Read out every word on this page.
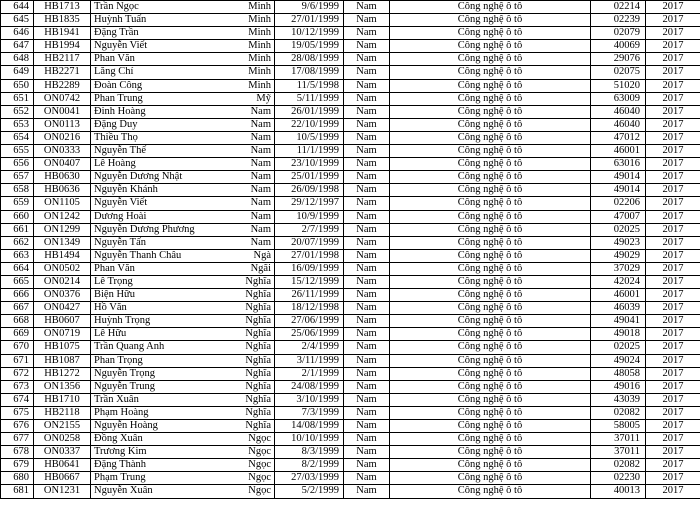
644	HB1713	Trần Ngọc	Minh	9/6/1999	Nam	Công nghệ ô tô	02214	2017
645	HB1835	Huỳnh Tuấn	Minh	27/01/1999	Nam	Công nghệ ô tô	02239	2017
646	HB1941	Đặng Trần	Minh	10/12/1999	Nam	Công nghệ ô tô	02079	2017
647	HB1994	Nguyễn Viết	Minh	19/05/1999	Nam	Công nghệ ô tô	40069	2017
648	HB2117	Phan Văn	Minh	28/08/1999	Nam	Công nghệ ô tô	29076	2017
649	HB2271	Lăng Chí	Minh	17/08/1999	Nam	Công nghệ ô tô	02075	2017
650	HB2289	Đoàn Công	Minh	11/5/1998	Nam	Công nghệ ô tô	51020	2017
651	ON0742	Phan Trung	Mỹ	5/11/1999	Nam	Công nghệ ô tô	63009	2017
652	ON0041	Đinh Hoàng	Nam	26/01/1999	Nam	Công nghệ ô tô	46040	2017
653	ON0113	Đặng Duy	Nam	22/10/1999	Nam	Công nghệ ô tô	46040	2017
654	ON0216	Thiều Thọ	Nam	10/5/1999	Nam	Công nghệ ô tô	47012	2017
655	ON0333	Nguyễn Thế	Nam	11/1/1999	Nam	Công nghệ ô tô	46001	2017
656	ON0407	Lê Hoàng	Nam	23/10/1999	Nam	Công nghệ ô tô	63016	2017
657	HB0630	Nguyễn Dương Nhật	Nam	25/01/1999	Nam	Công nghệ ô tô	49014	2017
658	HB0636	Nguyễn Khánh	Nam	26/09/1998	Nam	Công nghệ ô tô	49014	2017
659	ON1105	Nguyễn Viết	Nam	29/12/1997	Nam	Công nghệ ô tô	02206	2017
660	ON1242	Dương Hoài	Nam	10/9/1999	Nam	Công nghệ ô tô	47007	2017
661	ON1299	Nguyễn Dương Phương	Nam	2/7/1999	Nam	Công nghệ ô tô	02025	2017
662	ON1349	Nguyễn Tấn	Nam	20/07/1999	Nam	Công nghệ ô tô	49023	2017
663	HB1494	Nguyễn Thanh Châu	Ngà	27/01/1998	Nam	Công nghệ ô tô	49029	2017
664	ON0502	Phan Văn	Ngãi	16/09/1999	Nam	Công nghệ ô tô	37029	2017
665	ON0214	Lê Trọng	Nghĩa	15/12/1999	Nam	Công nghệ ô tô	42024	2017
666	ON0376	Biện Hữu	Nghĩa	26/11/1999	Nam	Công nghệ ô tô	46001	2017
667	ON0427	Hồ Văn	Nghĩa	18/12/1998	Nam	Công nghệ ô tô	46039	2017
668	HB0607	Huỳnh Trọng	Nghĩa	27/06/1999	Nam	Công nghệ ô tô	49041	2017
669	ON0719	Lê Hữu	Nghĩa	25/06/1999	Nam	Công nghệ ô tô	49018	2017
670	HB1075	Trần Quang Anh	Nghĩa	2/4/1999	Nam	Công nghệ ô tô	02025	2017
671	HB1087	Phan Trọng	Nghĩa	3/11/1999	Nam	Công nghệ ô tô	49024	2017
672	HB1272	Nguyễn Trọng	Nghĩa	2/1/1999	Nam	Công nghệ ô tô	48058	2017
673	ON1356	Nguyễn Trung	Nghĩa	24/08/1999	Nam	Công nghệ ô tô	49016	2017
674	HB1710	Trần Xuân	Nghĩa	3/10/1999	Nam	Công nghệ ô tô	43039	2017
675	HB2118	Phạm Hoàng	Nghĩa	7/3/1999	Nam	Công nghệ ô tô	02082	2017
676	ON2155	Nguyễn Hoàng	Nghĩa	14/08/1999	Nam	Công nghệ ô tô	58005	2017
677	ON0258	Đồng Xuân	Ngọc	10/10/1999	Nam	Công nghệ ô tô	37011	2017
678	ON0337	Trương Kim	Ngọc	8/3/1999	Nam	Công nghệ ô tô	37011	2017
679	HB0641	Đặng Thành	Ngọc	8/2/1999	Nam	Công nghệ ô tô	02082	2017
680	HB0667	Phạm Trung	Ngọc	27/03/1999	Nam	Công nghệ ô tô	02230	2017
681	ON1231	Nguyễn Xuân	Ngọc	5/2/1999	Nam	Công nghệ ô tô	40013	2017
